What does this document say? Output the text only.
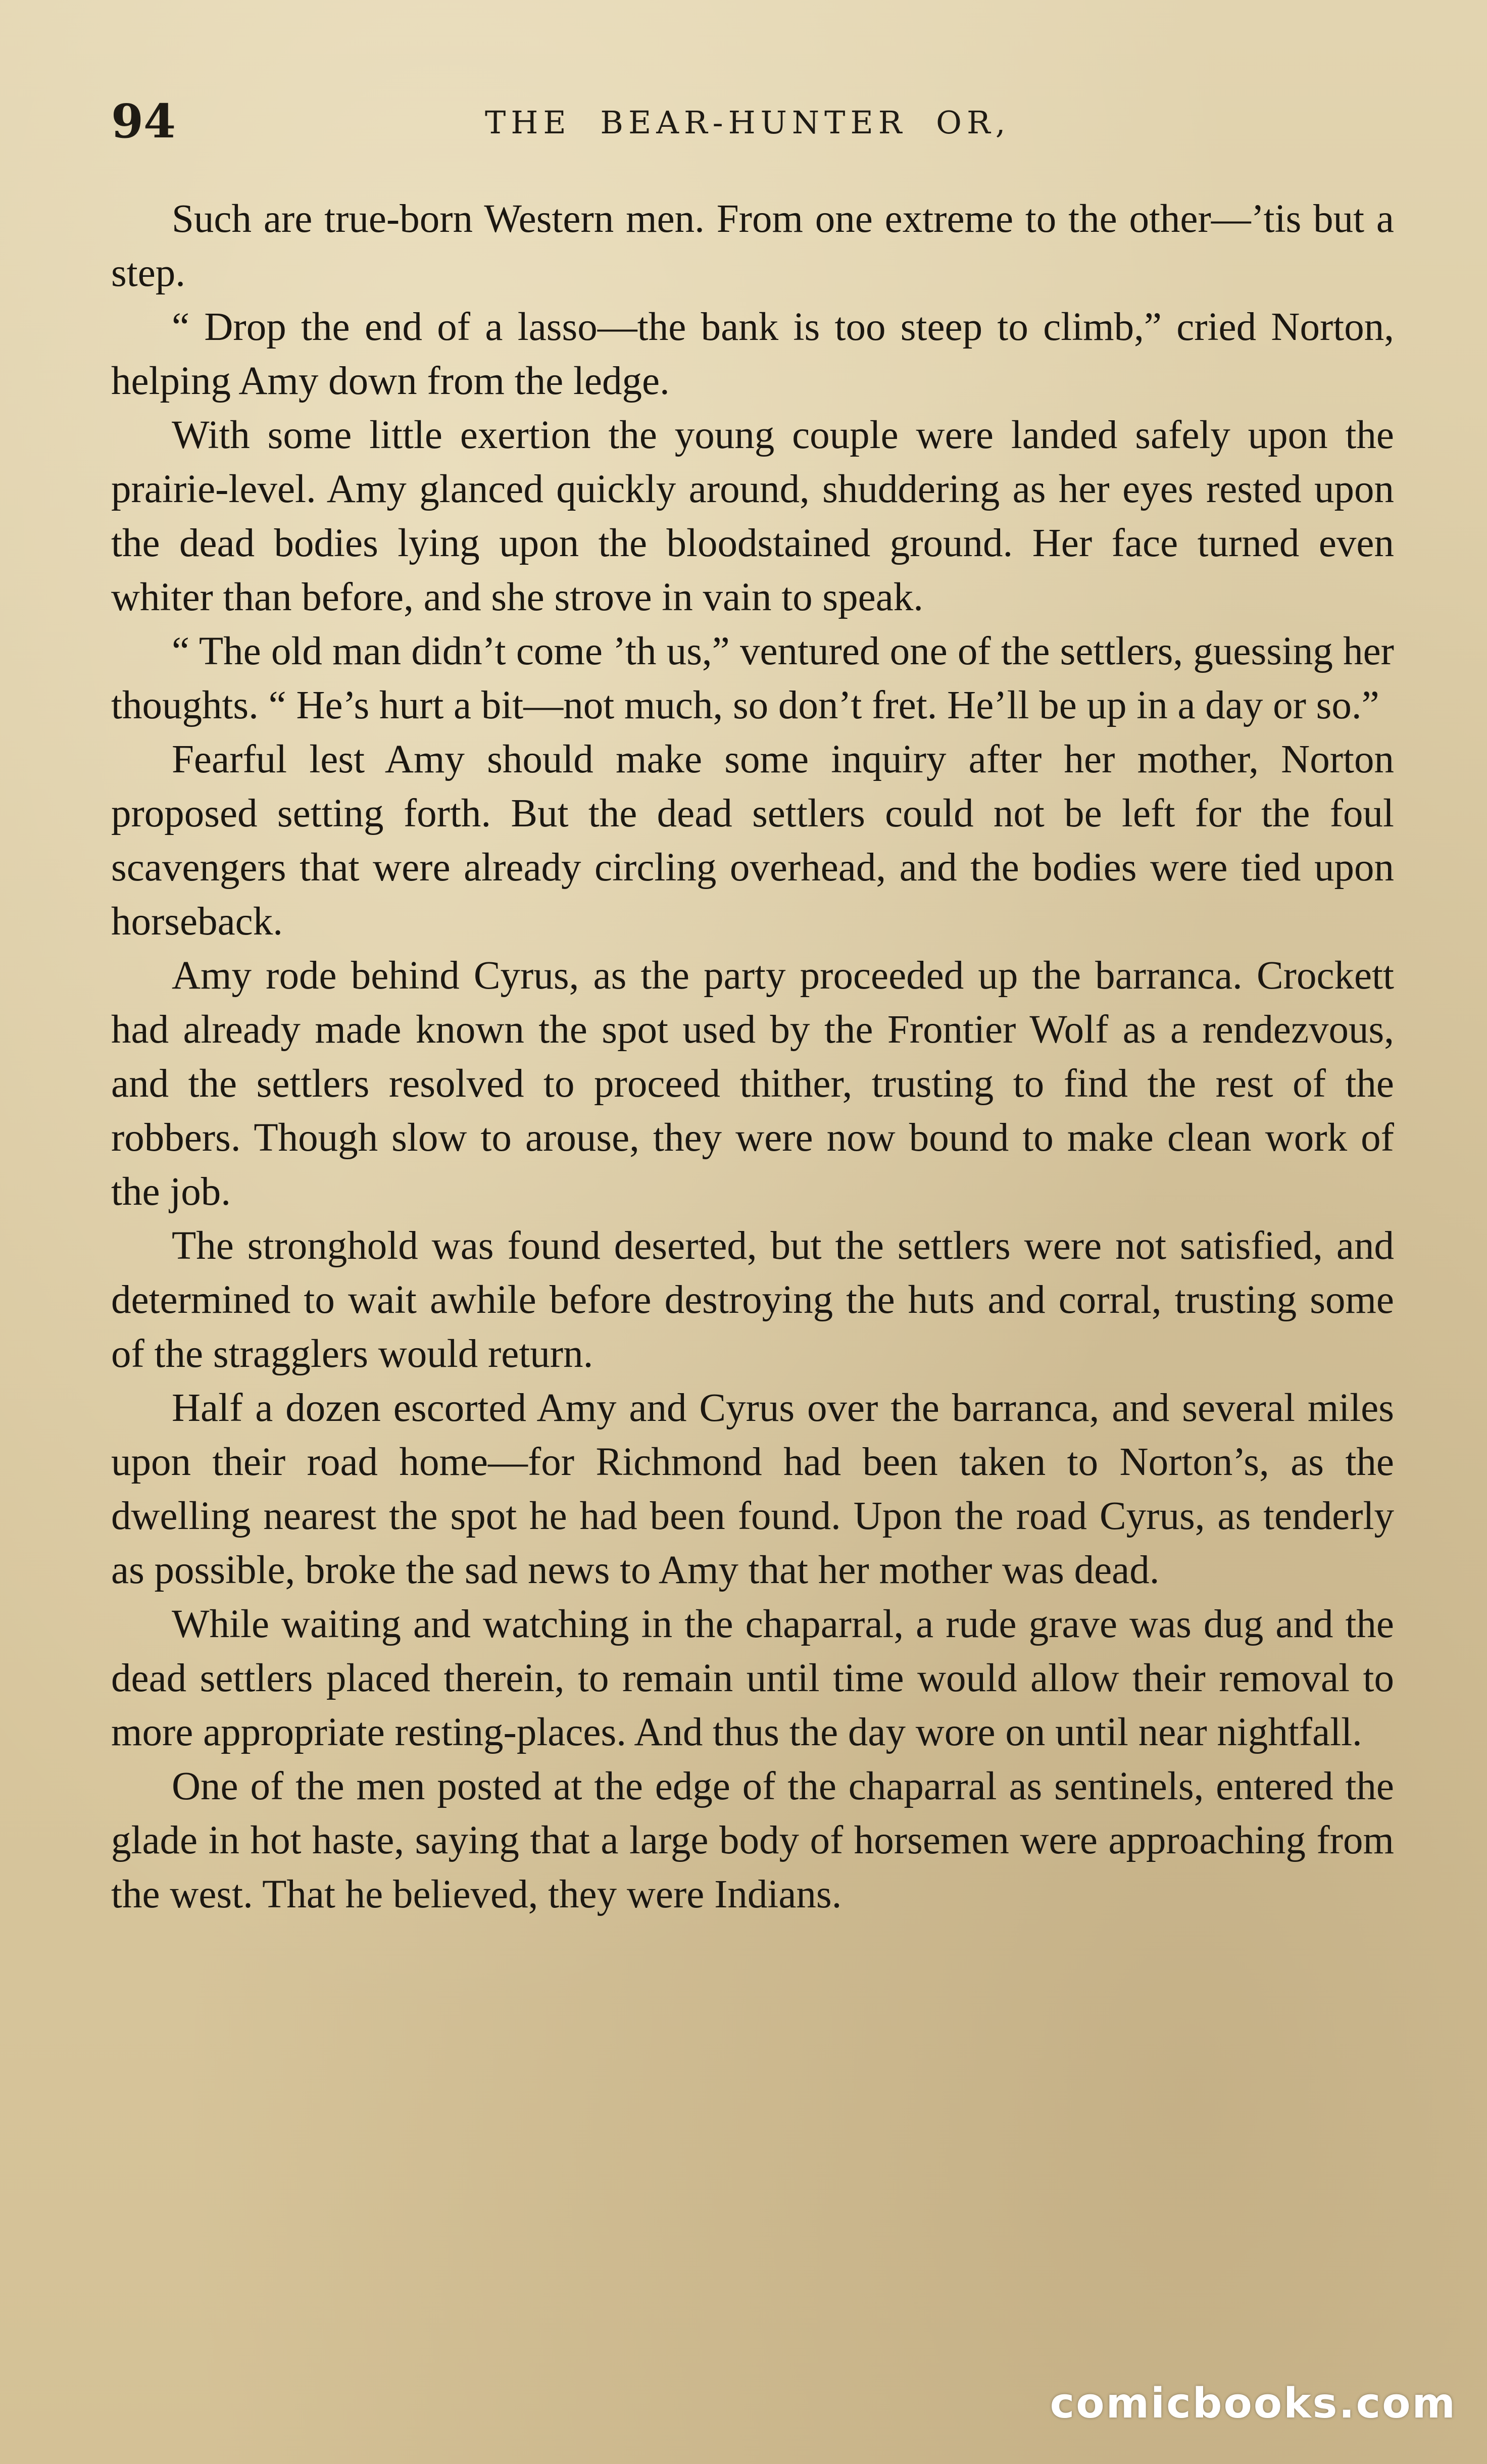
94	THE BEAR-HUNTER OR,

Such are true-born Western men. From one extreme to the other—’tis but a step.

“ Drop the end of a lasso—the bank is too steep to climb,” cried Norton, helping Amy down from the ledge.

With some little exertion the young couple were landed safely upon the prairie-level. Amy glanced quickly around, shuddering as her eyes rested upon the dead bodies lying upon the bloodstained ground. Her face turned even whiter than before, and she strove in vain to speak.

“ The old man didn’t come ’th us,” ventured one of the settlers, guessing her thoughts. “ He’s hurt a bit—not much, so don’t fret. He’ll be up in a day or so.”

Fearful lest Amy should make some inquiry after her mother, Norton proposed setting forth. But the dead settlers could not be left for the foul scavengers that were already circling overhead, and the bodies were tied upon horseback.

Amy rode behind Cyrus, as the party proceeded up the barranca. Crockett had already made known the spot used by the Frontier Wolf as a rendezvous, and the settlers resolved to proceed thither, trusting to find the rest of the robbers. Though slow to arouse, they were now bound to make clean work of the job.

The stronghold was found deserted, but the settlers were not satisfied, and determined to wait awhile before destroying the huts and corral, trusting some of the stragglers would return.

Half a dozen escorted Amy and Cyrus over the barranca, and several miles upon their road home—for Richmond had been taken to Norton’s, as the dwelling nearest the spot he had been found. Upon the road Cyrus, as tenderly as possible, broke the sad news to Amy that her mother was dead.

While waiting and watching in the chaparral, a rude grave was dug and the dead settlers placed therein, to remain until time would allow their removal to more appropriate resting-places. And thus the day wore on until near nightfall.

One of the men posted at the edge of the chaparral as sentinels, entered the glade in hot haste, saying that a large body of horsemen were approaching from the west. That he believed, they were Indians.

comicbooks.com
